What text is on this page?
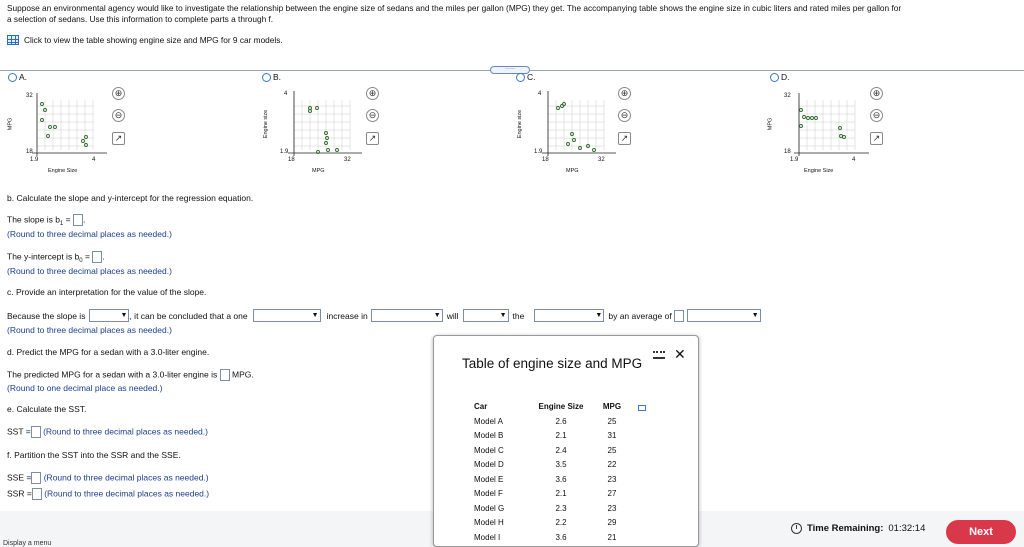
Suppose an environmental agency would like to investigate the relationship between the engine size of sedans and the miles per gallon (MPG) they get. The accompanying table shows the engine size in cubic liters and rated miles per gallon for
a selection of sedans. Use this information to complete parts a through f.
Click to view the table showing engine size and MPG for 9 car models.
·····
A.	B.	C.	D.
32
18
1.9	4
MPG
Engine Size
⊕
⊖
↗
4
1.9
18	32
Engine size
MPG
⊕
⊖
↗
4
1.9
18	32
Engine size
MPG
⊕
⊖
↗
32
18
1.9	4
MPG
Engine Size
⊕
⊖
↗
b. Calculate the slope and y-intercept for the regression equation.
The slope is $b_1$ = .
(Round to three decimal places as needed.)
The y-intercept is $b_0$ = .
(Round to three decimal places as needed.)
c. Provide an interpretation for the value of the slope.
Because the slope is	▼ , it can be concluded that a one	▼ increase in	▼ will	▼ the	▼ by an average of	▼
(Round to three decimal places as needed.)
d. Predict the MPG for a sedan with a 3.0-liter engine.
The predicted MPG for a sedan with a 3.0-liter engine is MPG.
(Round to one decimal place as needed.)
e. Calculate the SST.
SST = (Round to three decimal places as needed.)
f. Partition the SST into the SSR and the SSE.
SSE = (Round to three decimal places as needed.)
SSR = (Round to three decimal places as needed.)
Time Remaining: 01:32:14	Next
Display a menu
✕
Table of engine size and MPG
Car	Engine Size	MPG
Model A	2.6	25
Model B	2.1	31
Model C	2.4	25
Model D	3.5	22
Model E	3.6	23
Model F	2.1	27
Model G	2.3	23
Model H	2.2	29
Model I	3.6	21
